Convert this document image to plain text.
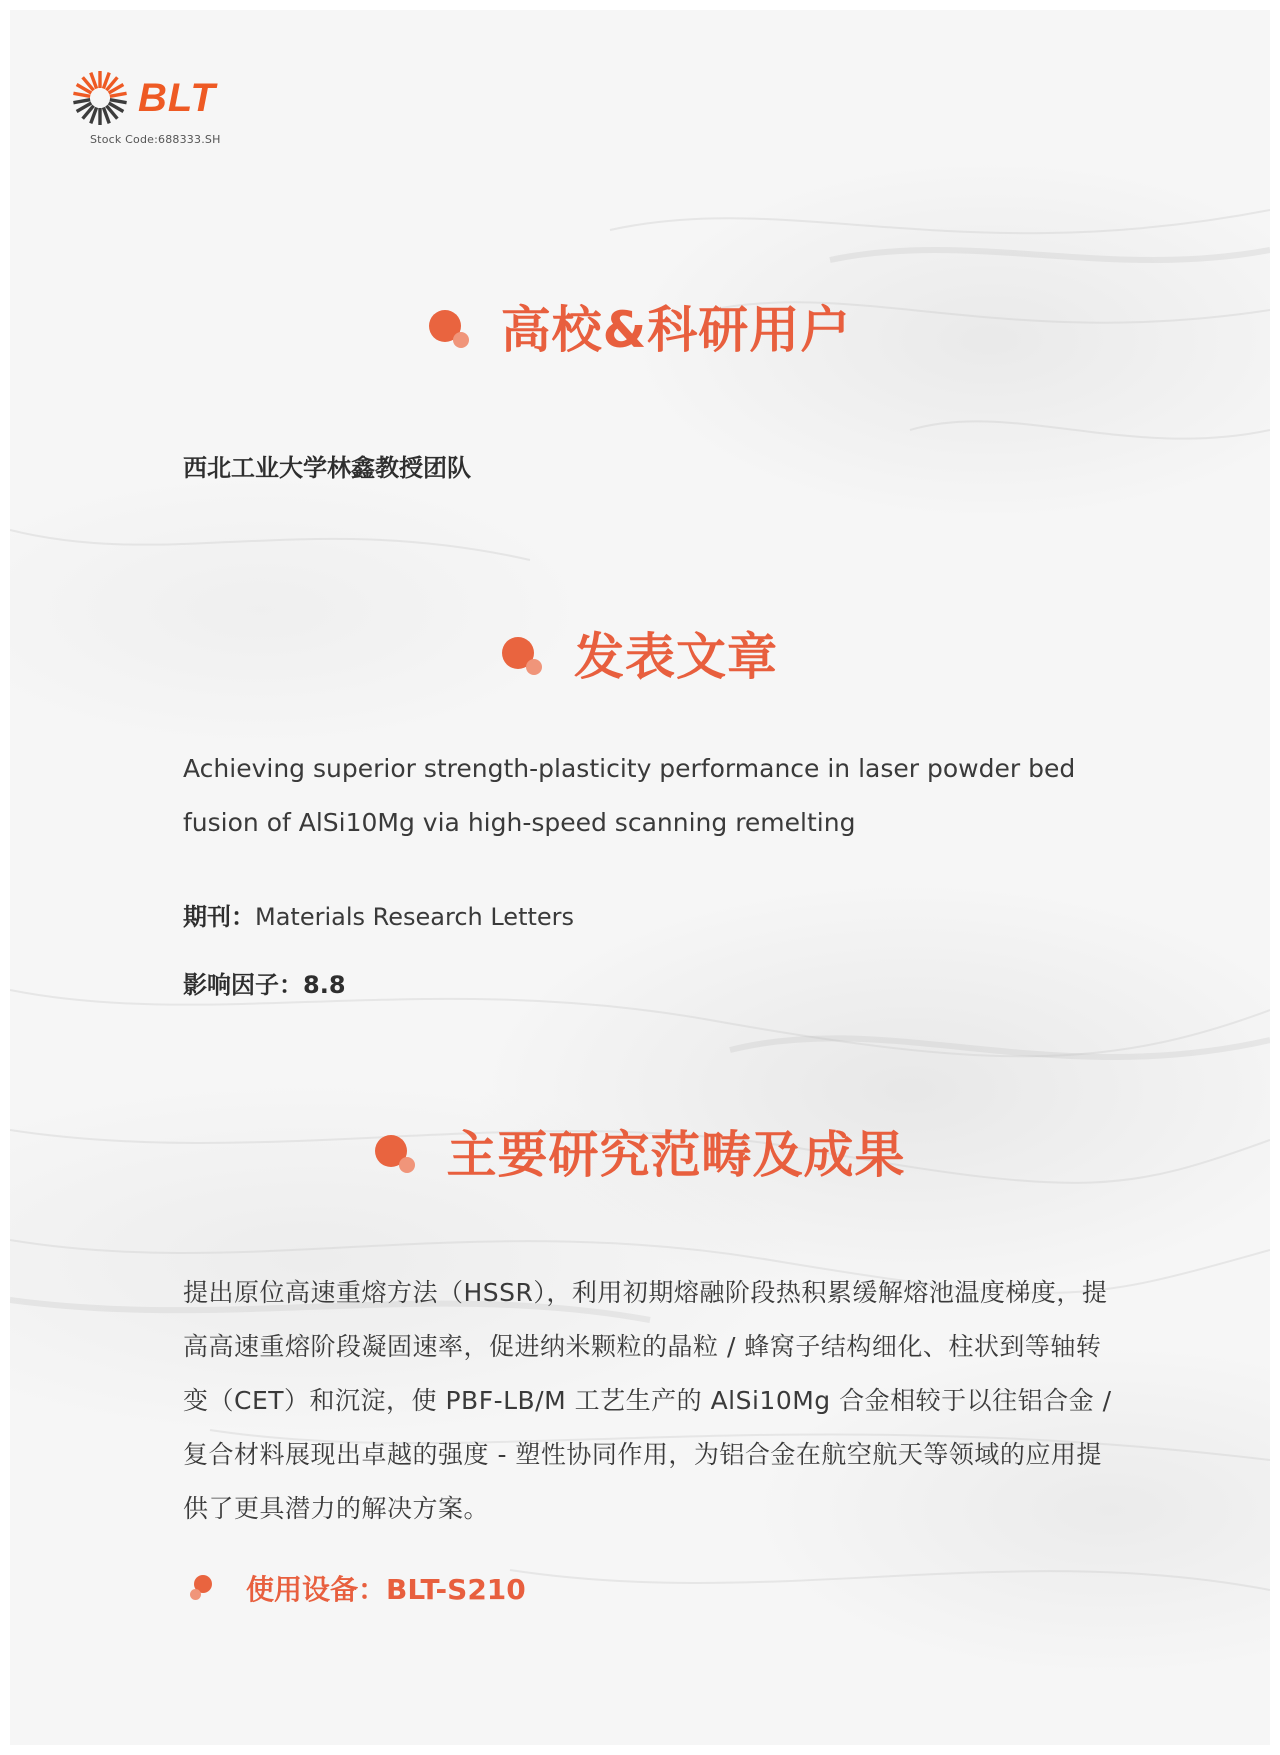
BLT
Stock Code:688333.SH
高校&科研用户
西北工业大学林鑫教授团队
发表文章
Achieving superior strength-plasticity performance in laser powder bed fusion of AlSi10Mg via high-speed scanning remelting
期刊：Materials Research Letters
影响因子：8.8
主要研究范畴及成果
提出原位高速重熔方法（HSSR），利用初期熔融阶段热积累缓解熔池温度梯度，提高高速重熔阶段凝固速率，促进纳米颗粒的晶粒 / 蜂窝子结构细化、柱状到等轴转变（CET）和沉淀，使 PBF-LB/M 工艺生产的 AlSi10Mg 合金相较于以往铝合金 / 复合材料展现出卓越的强度 - 塑性协同作用，为铝合金在航空航天等领域的应用提供了更具潜力的解决方案。
使用设备：BLT-S210
